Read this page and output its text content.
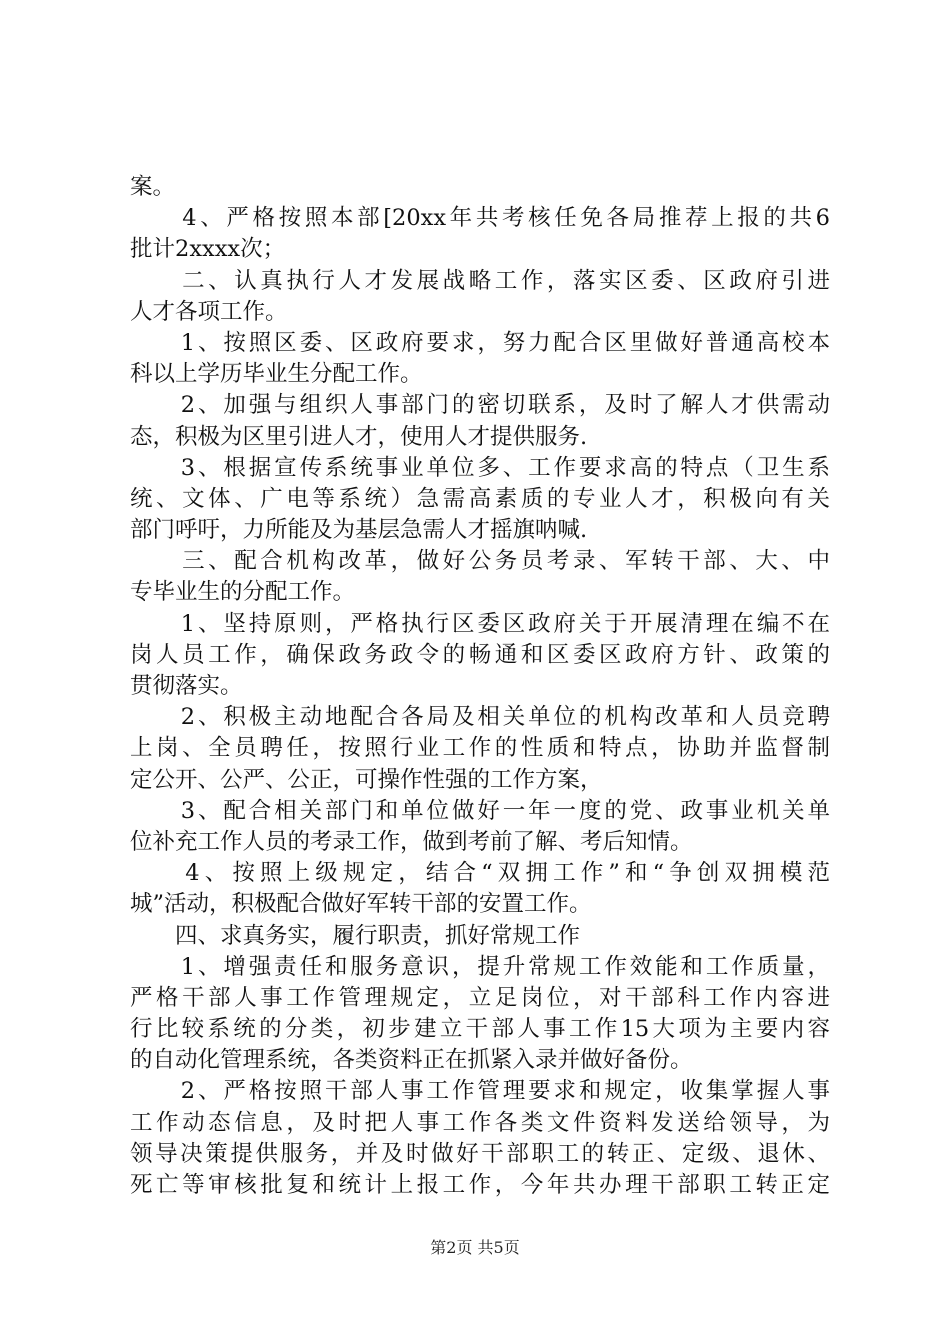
案。
　　4、严格按照本部[20xx年共考核任免各局推荐上报的共6
批计2xxxx次；
　　二、认真执行人才发展战略工作，落实区委、区政府引进
人才各项工作。
　　1、按照区委、区政府要求，努力配合区里做好普通高校本
科以上学历毕业生分配工作。
　　2、加强与组织人事部门的密切联系，及时了解人才供需动
态，积极为区里引进人才，使用人才提供服务.
　　3、根据宣传系统事业单位多、工作要求高的特点（卫生系
统、文体、广电等系统）急需高素质的专业人才，积极向有关
部门呼吁，力所能及为基层急需人才摇旗呐喊.
　　三、配合机构改革，做好公务员考录、军转干部、大、中
专毕业生的分配工作。
　　1、坚持原则，严格执行区委区政府关于开展清理在编不在
岗人员工作，确保政务政令的畅通和区委区政府方针、政策的
贯彻落实。
　　2、积极主动地配合各局及相关单位的机构改革和人员竞聘
上岗、全员聘任，按照行业工作的性质和特点，协助并监督制
定公开、公严、公正，可操作性强的工作方案，
　　3、配合相关部门和单位做好一年一度的党、政事业机关单
位补充工作人员的考录工作，做到考前了解、考后知情。
　　4、按照上级规定，结合“双拥工作”和“争创双拥模范
城”活动，积极配合做好军转干部的安置工作。
　　四、求真务实，履行职责，抓好常规工作
　　1、增强责任和服务意识，提升常规工作效能和工作质量，
严格干部人事工作管理规定，立足岗位，对干部科工作内容进
行比较系统的分类，初步建立干部人事工作15大项为主要内容
的自动化管理系统，各类资料正在抓紧入录并做好备份。
　　2、严格按照干部人事工作管理要求和规定，收集掌握人事
工作动态信息，及时把人事工作各类文件资料发送给领导，为
领导决策提供服务，并及时做好干部职工的转正、定级、退休、
死亡等审核批复和统计上报工作，今年共办理干部职工转正定
第2页 共5页
